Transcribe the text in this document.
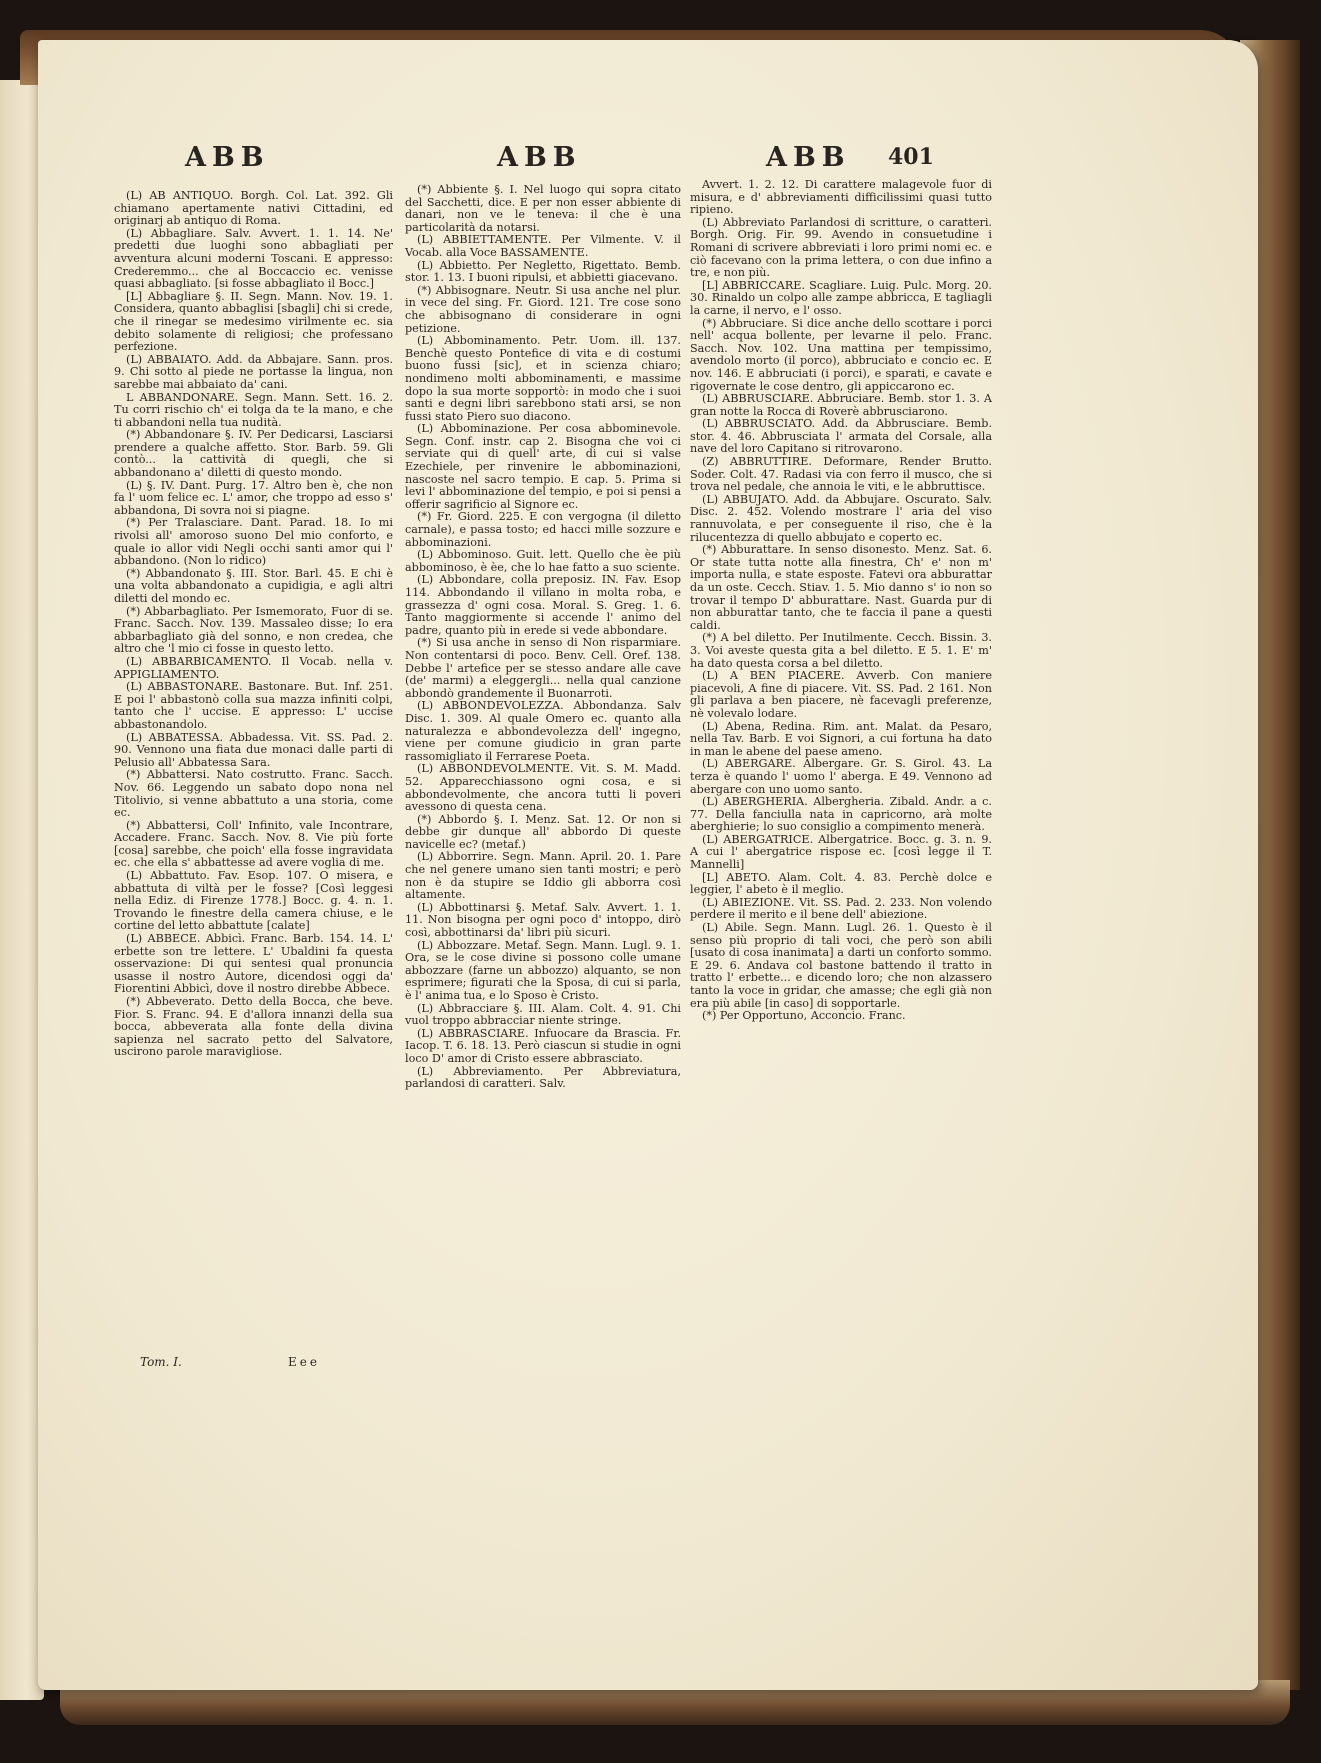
ABB	ABB	ABB 401

(L) AB ANTIQUO. Borgh. Col. Lat. 392. Gli chiamano apertamente nativi Cittadini, ed originarj ab antiquo di Roma.

(L) Abbagliare. Salv. Avvert. 1. 1. 14. Ne' predetti due luoghi sono abbagliati per avventura alcuni moderni Toscani. E appresso: Crederemmo... che al Boccaccio ec. venisse quasi abbagliato. [si fosse abbagliato il Bocc.]

[L] Abbagliare §. II. Segn. Mann. Nov. 19. 1. Considera, quanto abbaglisi [sbagli] chi si crede, che il rinegar se medesimo virilmente ec. sia debito solamente di religiosi; che professano perfezione.

(L) ABBAIATO. Add. da Abbajare. Sann. pros. 9. Chi sotto al piede ne portasse la lingua, non sarebbe mai abbaiato da' cani.

L ABBANDONARE. Segn. Mann. Sett. 16. 2. Tu corri rischio ch' ei tolga da te la mano, e che ti abbandoni nella tua nudità.

(*) Abbandonare §. IV. Per Dedicarsi, Lasciarsi prendere a qualche affetto. Stor. Barb. 59. Gli contò... la cattività di quegli, che si abbandonano a' diletti di questo mondo.

(L) §. IV. Dant. Purg. 17. Altro ben è, che non fa l' uom felice ec. L' amor, che troppo ad esso s' abbandona, Di sovra noi si piagne.

(*) Per Tralasciare. Dant. Parad. 18. Io mi rivolsi all' amoroso suono Del mio conforto, e quale io allor vidi Negli occhi santi amor qui l' abbandono. (Non lo ridico)

(*) Abbandonato §. III. Stor. Barl. 45. E chi è una volta abbandonato a cupidigia, e agli altri diletti del mondo ec.

(*) Abbarbagliato. Per Ismemorato, Fuor di se. Franc. Sacch. Nov. 139. Massaleo disse; Io era abbarbagliato già del sonno, e non credea, che altro che 'l mio ci fosse in questo letto.

(L) ABBARBICAMENTO. Il Vocab. nella v. APPIGLIAMENTO.

(L) ABBASTONARE. Bastonare. But. Inf. 251. E poi l' abbastonò colla sua mazza infiniti colpi, tanto che l' uccise. E appresso: L' uccise abbastonandolo.

(L) ABBATESSA. Abbadessa. Vit. SS. Pad. 2. 90. Vennono una fiata due monaci dalle parti di Pelusio all' Abbatessa Sara.

(*) Abbattersi. Nato costrutto. Franc. Sacch. Nov. 66. Leggendo un sabato dopo nona nel Titolivio, si venne abbattuto a una storia, come ec.

(*) Abbattersi, Coll' Infinito, vale Incontrare, Accadere. Franc. Sacch. Nov. 8. Vie più forte [cosa] sarebbe, che poich' ella fosse ingravidata ec. che ella s' abbattesse ad avere voglia di me.

(L) Abbattuto. Fav. Esop. 107. O misera, e abbattuta di viltà per le fosse? [Così leggesi nella Ediz. di Firenze 1778.] Bocc. g. 4. n. 1. Trovando le finestre della camera chiuse, e le cortine del letto abbattute [calate]

(L) ABBECE. Abbicì. Franc. Barb. 154. 14. L' erbette son tre lettere. L' Ubaldini fa questa osservazione: Di qui sentesi qual pronuncia usasse il nostro Autore, dicendosi oggi da' Fiorentini Abbicì, dove il nostro direbbe Abbece.

(*) Abbeverato. Detto della Bocca, che beve. Fior. S. Franc. 94. E d'allora innanzi della sua bocca, abbeverata alla fonte della divina sapienza nel sacrato petto del Salvatore, uscirono parole maravigliose.

(*) Abbiente §. I. Nel luogo qui sopra citato del Sacchetti, dice. E per non esser abbiente di danari, non ve le teneva: il che è una particolarità da notarsi.

(L) ABBIETTAMENTE. Per Vilmente. V. il Vocab. alla Voce BASSAMENTE.

(L) Abbietto. Per Negletto, Rigettato. Bemb. stor. 1. 13. I buoni ripulsi, et abbietti giacevano.

(*) Abbisognare. Neutr. Si usa anche nel plur. in vece del sing. Fr. Giord. 121. Tre cose sono che abbisognano di considerare in ogni petizione.

(L) Abbominamento. Petr. Uom. ill. 137. Benchè questo Pontefice di vita e di costumi buono fussi [sic], et in scienza chiaro; nondimeno molti abbominamenti, e massime dopo la sua morte sopportò: in modo che i suoi santi e degni libri sarebbono stati arsi, se non fussi stato Piero suo diacono.

(L) Abbominazione. Per cosa abbominevole. Segn. Conf. instr. cap 2. Bisogna che voi ci serviate qui di quell' arte, di cui si valse Ezechiele, per rinvenire le abbominazioni, nascoste nel sacro tempio. E cap. 5. Prima si levi l' abbominazione del tempio, e poi si pensi a offerir sagrificio al Signore ec.

(*) Fr. Giord. 225. E con vergogna (il diletto carnale), e passa tosto; ed hacci mille sozzure e abbominazioni.

(L) Abbominoso. Guit. lett. Quello che èe più abbominoso, è èe, che lo hae fatto a suo sciente.

(L) Abbondare, colla preposiz. IN. Fav. Esop 114. Abbondando il villano in molta roba, e grassezza d' ogni cosa. Moral. S. Greg. 1. 6. Tanto maggiormente si accende l' animo del padre, quanto più in erede si vede abbondare.

(*) Si usa anche in senso di Non risparmiare. Non contentarsi di poco. Benv. Cell. Oref. 138. Debbe l' artefice per se stesso andare alle cave (de' marmi) a eleggergli... nella qual canzione abbondò grandemente il Buonarroti.

(L) ABBONDEVOLEZZA. Abbondanza. Salv Disc. 1. 309. Al quale Omero ec. quanto alla naturalezza e abbondevolezza dell' ingegno, viene per comune giudicio in gran parte rassomigliato il Ferrarese Poeta.

(L) ABBONDEVOLMENTE. Vit. S. M. Madd. 52. Apparecchiassono ogni cosa, e si abbondevolmente, che ancora tutti li poveri avessono di questa cena.

(*) Abbordo §. I. Menz. Sat. 12. Or non si debbe gir dunque all' abbordo Di queste navicelle ec? (metaf.)

(L) Abborrire. Segn. Mann. April. 20. 1. Pare che nel genere umano sien tanti mostri; e però non è da stupire se Iddio gli abborra così altamente.

(L) Abbottinarsi §. Metaf. Salv. Avvert. 1. 1. 11. Non bisogna per ogni poco d' intoppo, dirò così, abbottinarsi da' libri più sicuri.

(L) Abbozzare. Metaf. Segn. Mann. Lugl. 9. 1. Ora, se le cose divine si possono colle umane abbozzare (farne un abbozzo) alquanto, se non esprimere; figurati che la Sposa, di cui si parla, è l' anima tua, e lo Sposo è Cristo.

(L) Abbracciare §. III. Alam. Colt. 4. 91. Chi vuol troppo abbracciar niente stringe.

(L) ABBRASCIARE. Infuocare da Brascia. Fr. Iacop. T. 6. 18. 13. Però ciascun si studie in ogni loco D' amor di Cristo essere abbrasciato.

(L) Abbreviamento. Per Abbreviatura, parlandosi di caratteri. Salv.

Avvert. 1. 2. 12. Di carattere malagevole fuor di misura, e d' abbreviamenti difficilissimi quasi tutto ripieno.

(L) Abbreviato Parlandosi di scritture, o caratteri. Borgh. Orig. Fir. 99. Avendo in consuetudine i Romani di scrivere abbreviati i loro primi nomi ec. e ciò facevano con la prima lettera, o con due infino a tre, e non più.

[L] ABBRICCARE. Scagliare. Luig. Pulc. Morg. 20. 30. Rinaldo un colpo alle zampe abbricca, E tagliagli la carne, il nervo, e l' osso.

(*) Abbruciare. Si dice anche dello scottare i porci nell' acqua bollente, per levarne il pelo. Franc. Sacch. Nov. 102. Una mattina per tempissimo, avendolo morto (il porco), abbruciato e concio ec. E nov. 146. E abbruciati (i porci), e sparati, e cavate e rigovernate le cose dentro, gli appiccarono ec.

(L) ABBRUSCIARE. Abbruciare. Bemb. stor 1. 3. A gran notte la Rocca di Roverè abbrusciarono.

(L) ABBRUSCIATO. Add. da Abbrusciare. Bemb. stor. 4. 46. Abbrusciata l' armata del Corsale, alla nave del loro Capitano si ritrovarono.

(Z) ABBRUTTIRE. Deformare, Render Brutto. Soder. Colt. 47. Radasi via con ferro il musco, che si trova nel pedale, che annoia le viti, e le abbruttisce.

(L) ABBUJATO. Add. da Abbujare. Oscurato. Salv. Disc. 2. 452. Volendo mostrare l' aria del viso rannuvolata, e per conseguente il riso, che è la rilucentezza di quello abbujato e coperto ec.

(*) Abburattare. In senso disonesto. Menz. Sat. 6. Or state tutta notte alla finestra, Ch' e' non m' importa nulla, e state esposte. Fatevi ora abburattar da un oste. Cecch. Stiav. 1. 5. Mio danno s' io non so trovar il tempo D' abburattare. Nast. Guarda pur di non abburattar tanto, che te faccia il pane a questi caldi.

(*) A bel diletto. Per Inutilmente. Cecch. Bissin. 3. 3. Voi aveste questa gita a bel diletto. E 5. 1. E' m' ha dato questa corsa a bel diletto.

(L) A BEN PIACERE. Avverb. Con maniere piacevoli, A fine di piacere. Vit. SS. Pad. 2 161. Non gli parlava a ben piacere, nè facevagli preferenze, nè volevalo lodare.

(L) Abena, Redina. Rim. ant. Malat. da Pesaro, nella Tav. Barb. E voi Signori, a cui fortuna ha dato in man le abene del paese ameno.

(L) ABERGARE. Albergare. Gr. S. Girol. 43. La terza è quando l' uomo l' aberga. E 49. Vennono ad abergare con uno uomo santo.

(L) ABERGHERIA. Albergheria. Zibald. Andr. a c. 77. Della fanciulla nata in capricorno, arà molte aberghierie; lo suo consiglio a compimento menerà.

(L) ABERGATRICE. Albergatrice. Bocc. g. 3. n. 9. A cui l' abergatrice rispose ec. [così legge il T. Mannelli]

[L] ABETO. Alam. Colt. 4. 83. Perchè dolce e leggier, l' abeto è il meglio.

(L) ABIEZIONE. Vit. SS. Pad. 2. 233. Non volendo perdere il merito e il bene dell' abiezione.

(L) Abile. Segn. Mann. Lugl. 26. 1. Questo è il senso più proprio di tali voci, che però son abili [usato di cosa inanimata] a darti un conforto sommo. E 29. 6. Andava col bastone battendo il tratto in tratto l' erbette... e dicendo loro; che non alzassero tanto la voce in gridar, che amasse; che egli già non era più abile [in caso] di sopportarle.

(*) Per Opportuno, Acconcio. Franc.

Tom. I.	Eee
